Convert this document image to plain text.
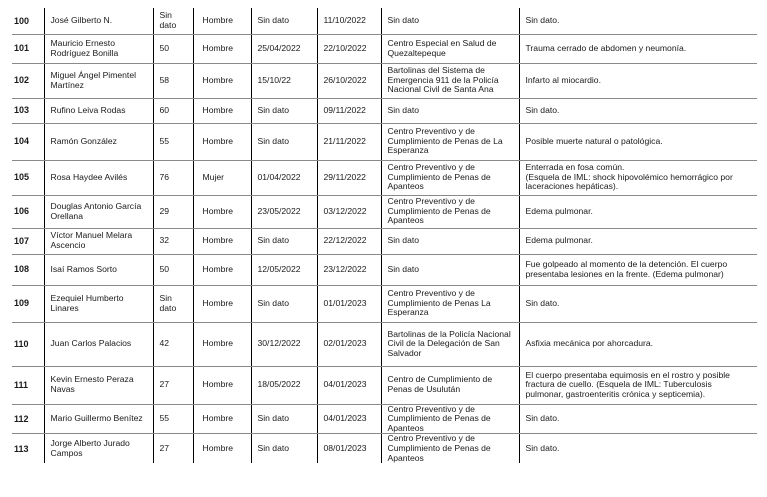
100	José Gilberto N.	Sin dato	Hombre	Sin dato	11/10/2022	Sin dato	Sin dato.
101	Mauricio Ernesto Rodríguez Bonilla	50	Hombre	25/04/2022	22/10/2022	Centro Especial en Salud de Quezaltepeque	Trauma cerrado de abdomen y neumonía.
102	Miguel Ángel Pimentel Martínez	58	Hombre	15/10/22	26/10/2022	Bartolinas del Sistema de Emergencia 911 de la Policía Nacional Civil de Santa Ana	Infarto al miocardio.
103	Rufino Leiva Rodas	60	Hombre	Sin dato	09/11/2022	Sin dato	Sin dato.
104	Ramón González	55	Hombre	Sin dato	21/11/2022	Centro Preventivo y de Cumplimiento de Penas de La Esperanza	Posible muerte natural o patológica.
105	Rosa Haydee Avilés	76	Mujer	01/04/2022	29/11/2022	Centro Preventivo y de Cumplimiento de Penas de Apanteos	Enterrada en fosa común.
(Esquela de IML: shock hipovolémico hemorrágico por laceraciones hepáticas).
106	Douglas Antonio García Orellana	29	Hombre	23/05/2022	03/12/2022	Centro Preventivo y de Cumplimiento de Penas de Apanteos	Edema pulmonar.
107	Víctor Manuel Melara Ascencio	32	Hombre	Sin dato	22/12/2022	Sin dato	Edema pulmonar.
108	Isaí Ramos Sorto	50	Hombre	12/05/2022	23/12/2022	Sin dato	Fue golpeado al momento de la detención. El cuerpo presentaba lesiones en la frente. (Edema pulmonar)
109	Ezequiel Humberto Linares	Sin dato	Hombre	Sin dato	01/01/2023	Centro Preventivo y de Cumplimiento de Penas La Esperanza	Sin dato.
110	Juan Carlos Palacios	42	Hombre	30/12/2022	02/01/2023	Bartolinas de la Policía Nacional Civil de la Delegación de San Salvador	Asfixia mecánica por ahorcadura.
111	Kevin Ernesto Peraza Navas	27	Hombre	18/05/2022	04/01/2023	Centro de Cumplimiento de Penas de Usulután	El cuerpo presentaba equimosis en el rostro y posible fractura de cuello. (Esquela de IML: Tuberculosis pulmonar, gastroenteritis crónica y septicemia).
112	Mario Guillermo Benítez	55	Hombre	Sin dato	04/01/2023	Centro Preventivo y de Cumplimiento de Penas de Apanteos	Sin dato.
113	Jorge Alberto Jurado Campos	27	Hombre	Sin dato	08/01/2023	Centro Preventivo y de Cumplimiento de Penas de Apanteos	Sin dato.
